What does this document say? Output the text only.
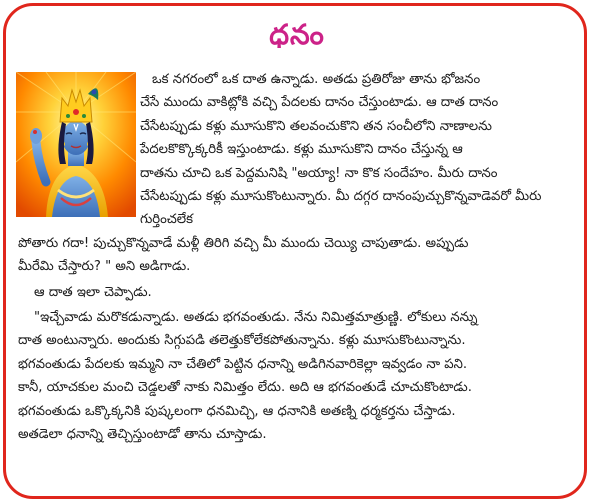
ధనం

ఒక నగరంలో ఒక దాత ఉన్నాడు. అతడు ప్రతిరోజు తాను భోజనం
చేసే ముందు వాకిట్లోకి వచ్చి పేదలకు దానం చేస్తుంటాడు. ఆ దాత దానం
చేసేటప్పుడు కళ్లు మూసుకొని తలవంచుకొని తన సంచీలోని నాణాలను
పేదలకొక్కొక్కరికీ ఇస్తుంటాడు. కళ్లు మూసుకొని దానం చేస్తున్న ఆ
దాతను చూచి ఒక పెద్దమనిషి "అయ్యా! నా కొక సందేహం. మీరు దానం
చేసేటప్పుడు కళ్లు మూసుకొంటున్నారు. మీ దగ్గర దానంపుచ్చుకొన్నవాడెవరో మీరు గుర్తించలేక
పోతారు గదా! పుచ్చుకొన్నవాడే మళ్లీ తిరిగి వచ్చి మీ ముందు చెయ్యి చాపుతాడు. అప్పుడు
మీరేమి చేస్తారు? " అని అడిగాడు.

ఆ దాత ఇలా చెప్పాడు.

"ఇచ్చేవాడు మరొకడున్నాడు. అతడు భగవంతుడు. నేను నిమిత్తమాత్రుణ్ణి. లోకులు నన్ను
దాత అంటున్నారు. అందుకు సిగ్గుపడి తలెత్తుకోలేకపోతున్నాను. కళ్లు మూసుకొంటున్నాను.
భగవంతుడు పేదలకు ఇమ్మని నా చేతిలో పెట్టిన ధనాన్ని అడిగినవారికెల్లా ఇవ్వడం నా పని.
కానీ, యాచకుల మంచి చెడ్డలతో నాకు నిమిత్తం లేదు. అది ఆ భగవంతుడే చూచుకొంటాడు.
భగవంతుడు ఒక్కొక్కనికి పుష్కలంగా ధనమిచ్చి, ఆ ధనానికి అతణ్ని ధర్మకర్తను చేస్తాడు.
అతడెలా ధనాన్ని తెచ్చిస్తుంటాడో తాను చూస్తాడు.
